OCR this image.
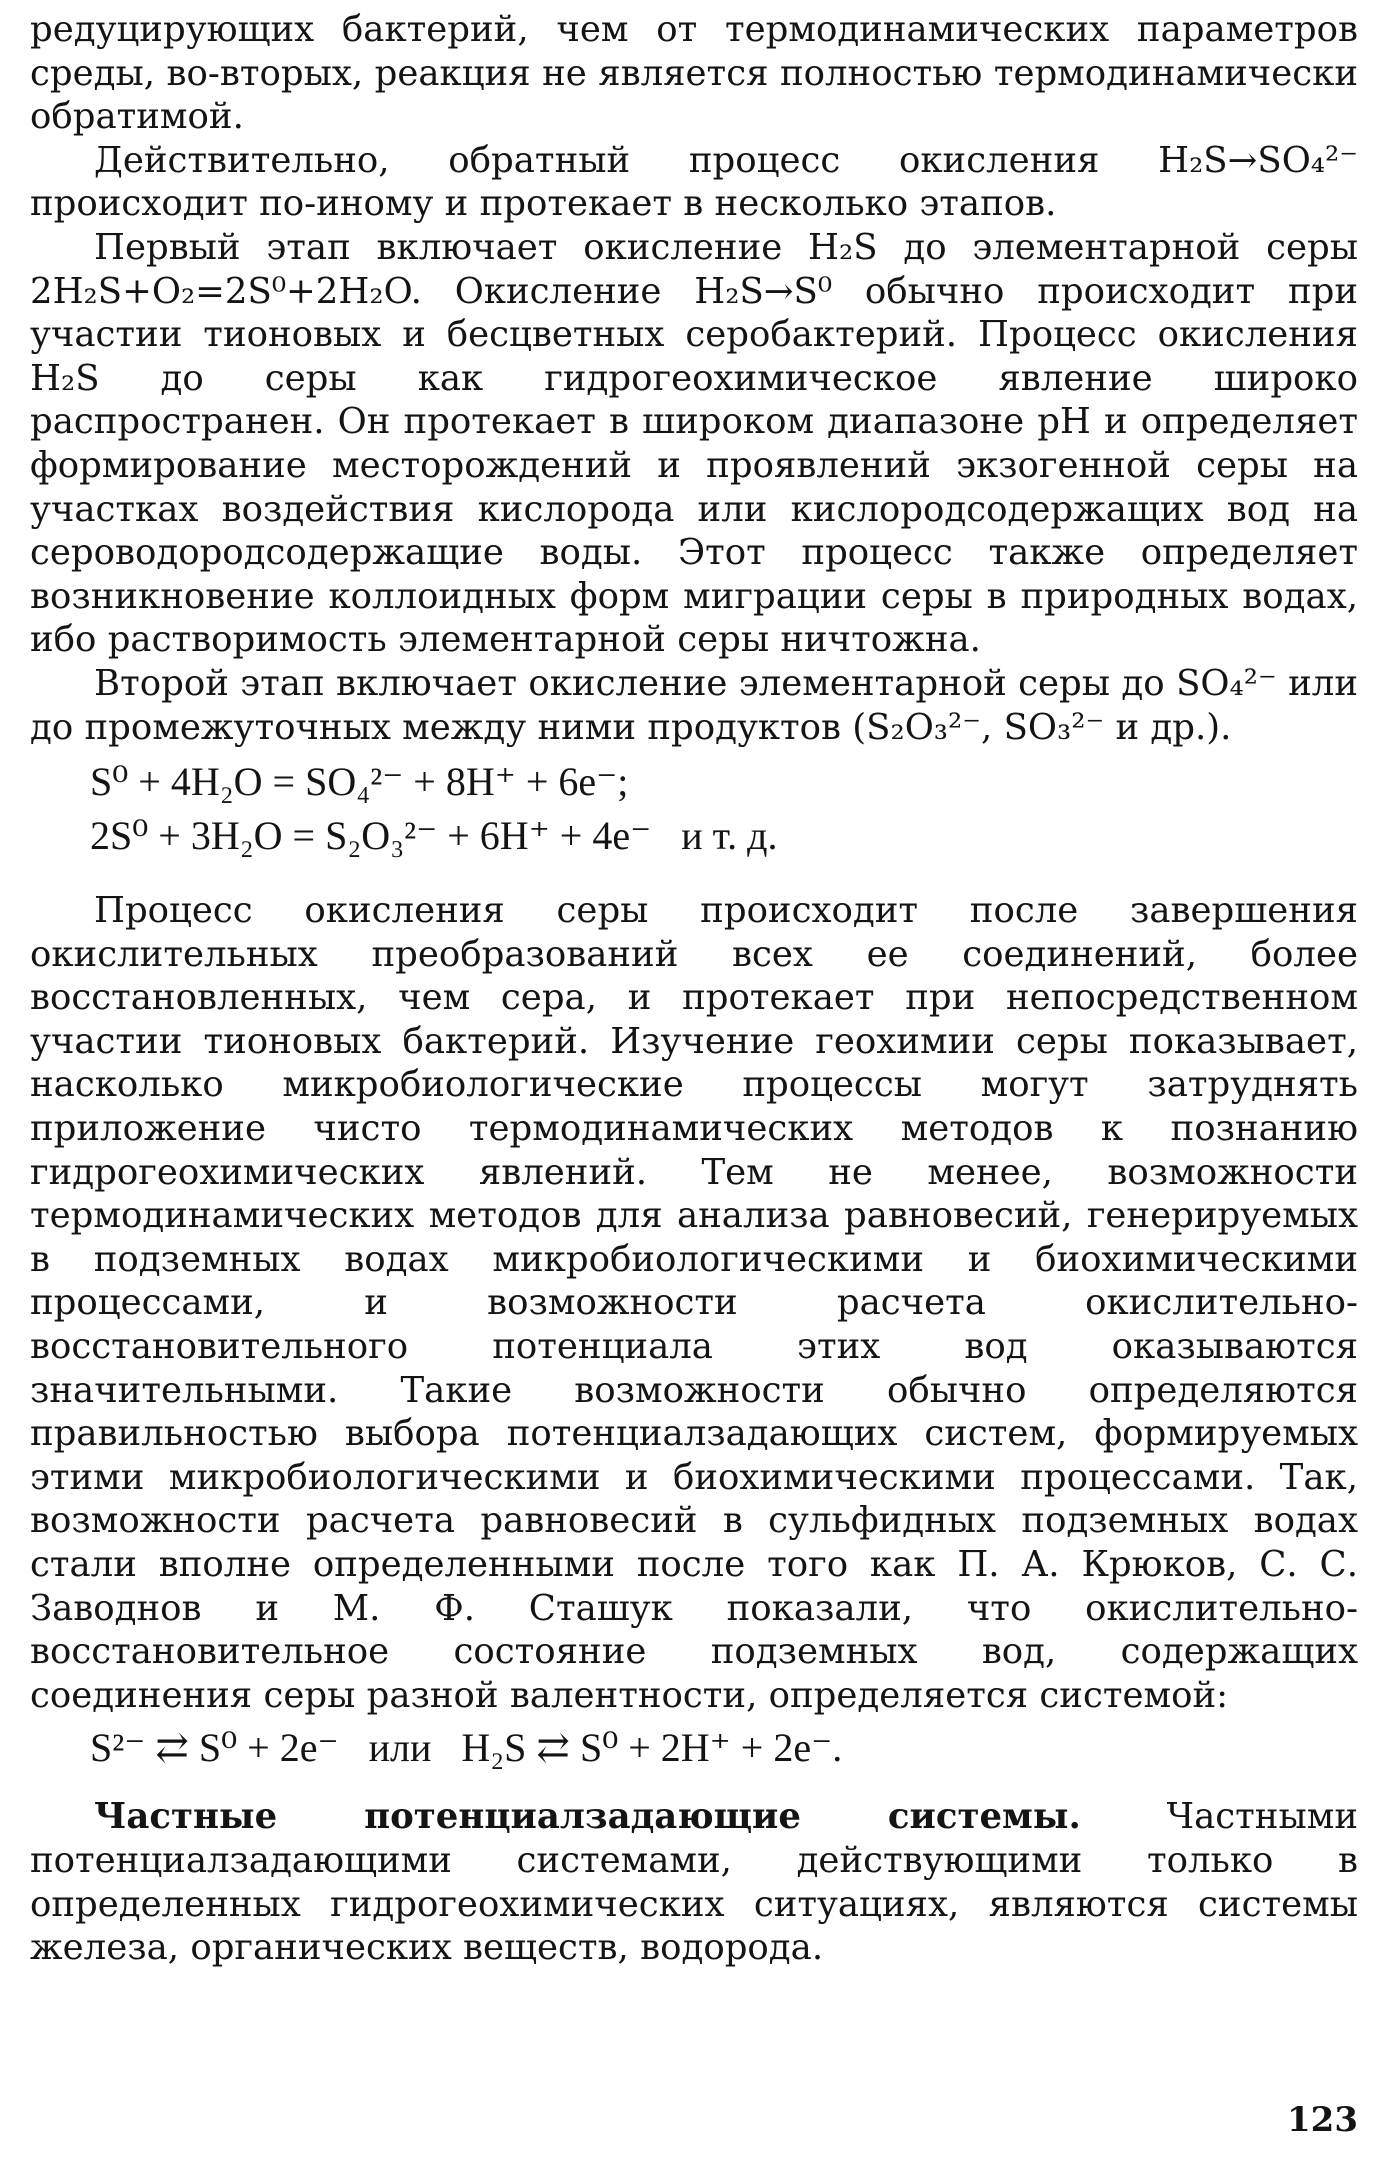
редуцирующих бактерий, чем от термодинамических параметров среды, во-вторых, реакция не является полностью термодинамически обратимой.

Действительно, обратный процесс окисления H₂S→SO₄²⁻ происходит по-иному и протекает в несколько этапов.

Первый этап включает окисление H₂S до элементарной серы 2H₂S+O₂=2S⁰+2H₂O. Окисление H₂S→S⁰ обычно происходит при участии тионовых и бесцветных серобактерий. Процесс окисления H₂S до серы как гидрогеохимическое явление широко распространен. Он протекает в широком диапазоне pH и определяет формирование месторождений и проявлений экзогенной серы на участках воздействия кислорода или кислородсодержащих вод на сероводородсодержащие воды. Этот процесс также определяет возникновение коллоидных форм миграции серы в природных водах, ибо растворимость элементарной серы ничтожна.

Второй этап включает окисление элементарной серы до SO₄²⁻ или до промежуточных между ними продуктов (S₂O₃²⁻, SO₃²⁻ и др.).

S⁰ + 4H₂O = SO₄²⁻ + 8H⁺ + 6e⁻;

2S⁰ + 3H₂O = S₂O₃²⁻ + 6H⁺ + 4e⁻   и т. д.

Процесс окисления серы происходит после завершения окислительных преобразований всех ее соединений, более восстановленных, чем сера, и протекает при непосредственном участии тионовых бактерий. Изучение геохимии серы показывает, насколько микробиологические процессы могут затруднять приложение чисто термодинамических методов к познанию гидрогеохимических явлений. Тем не менее, возможности термодинамических методов для анализа равновесий, генерируемых в подземных водах микробиологическими и биохимическими процессами, и возможности расчета окислительно-восстановительного потенциала этих вод оказываются значительными. Такие возможности обычно определяются правильностью выбора потенциалзадающих систем, формируемых этими микробиологическими и биохимическими процессами. Так, возможности расчета равновесий в сульфидных подземных водах стали вполне определенными после того как П. А. Крюков, С. С. Заводнов и М. Ф. Сташук показали, что окислительно-восстановительное состояние подземных вод, содержащих соединения серы разной валентности, определяется системой:

S²⁻ ⇄ S⁰ + 2e⁻   или   H₂S ⇄ S⁰ + 2H⁺ + 2e⁻.

Частные потенциалзадающие системы. Частными потенциалзадающими системами, действующими только в определенных гидрогеохимических ситуациях, являются системы железа, органических веществ, водорода.

123
